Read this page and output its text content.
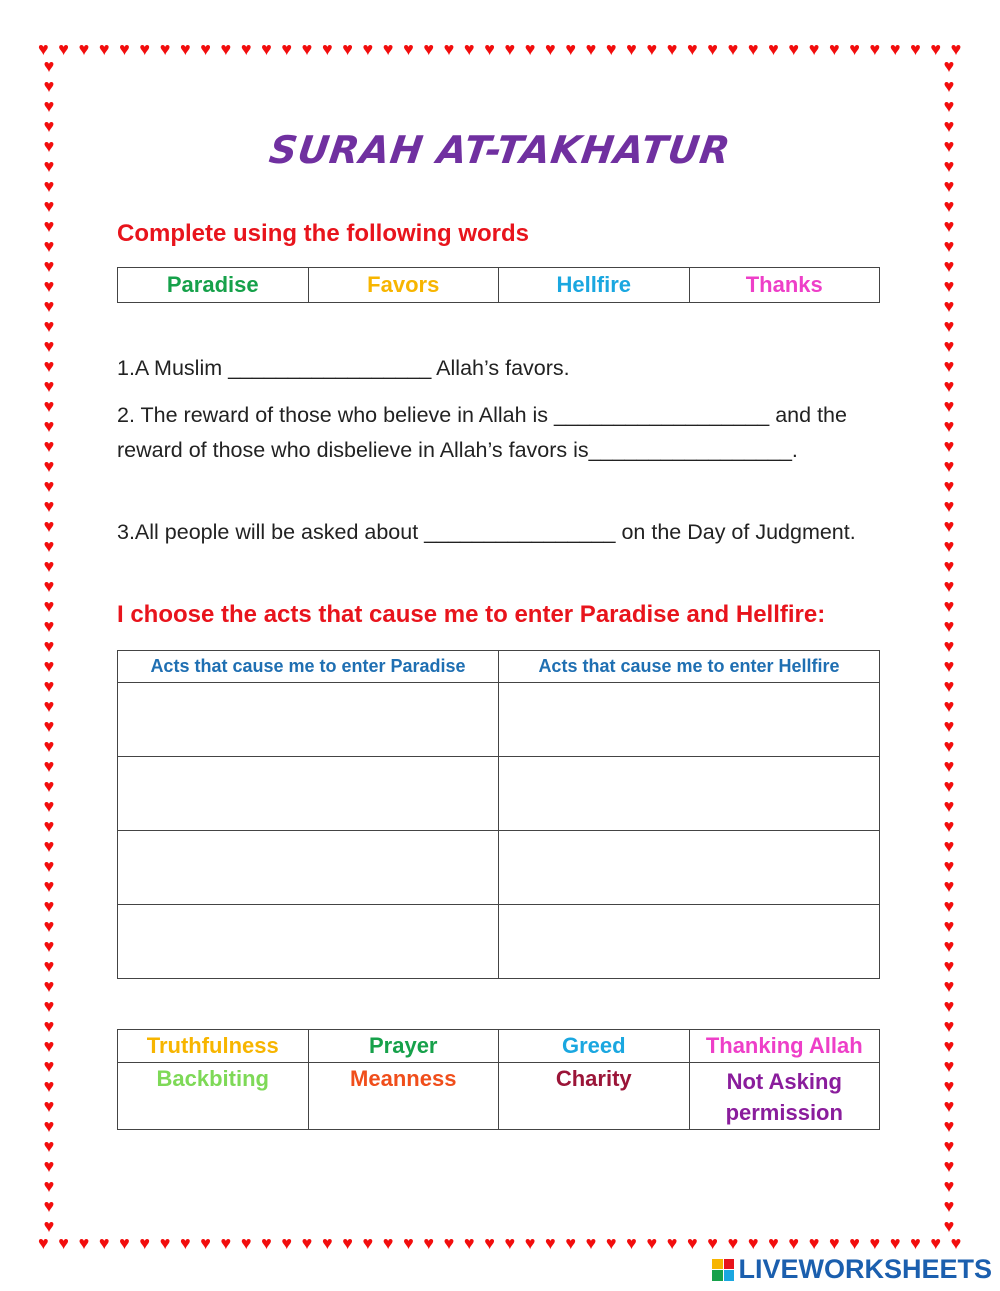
♥ ♥ ♥ ♥ ♥ ♥ ♥ ♥ ♥ ♥ ♥ ♥ ♥ ♥ ♥ ♥ ♥ ♥ ♥ ♥ ♥ ♥ ♥ ♥ ♥ ♥ ♥ ♥ ♥ ♥ ♥ ♥ ♥ ♥ ♥ ♥ ♥ ♥ ♥ ♥ ♥ ♥ ♥ ♥ ♥ ♥
♥ ♥ ♥ ♥ ♥ ♥ ♥ ♥ ♥ ♥ ♥ ♥ ♥ ♥ ♥ ♥ ♥ ♥ ♥ ♥ ♥ ♥ ♥ ♥ ♥ ♥ ♥ ♥ ♥ ♥ ♥ ♥ ♥ ♥ ♥ ♥ ♥ ♥ ♥ ♥ ♥ ♥ ♥ ♥ ♥ ♥
♥
♥
♥
♥
♥
♥
♥
♥
♥
♥
♥
♥
♥
♥
♥
♥
♥
♥
♥
♥
♥
♥
♥
♥
♥
♥
♥
♥
♥
♥
♥
♥
♥
♥
♥
♥
♥
♥
♥
♥
♥
♥
♥
♥
♥
♥
♥
♥
♥
♥
♥
♥
♥
♥
♥
♥
♥
♥
♥
♥
♥
♥
♥
♥
♥
♥
♥
♥
♥
♥
♥
♥
♥
♥
♥
♥
♥
♥
♥
♥
♥
♥
♥
♥
♥
♥
♥
♥
♥
♥
♥
♥
♥
♥
♥
♥
♥
♥
♥
♥
♥
♥
♥
♥
♥
♥
♥
♥
♥
♥
♥
♥
♥
♥
♥
♥
♥
♥
SURAH AT-TAKHATUR
Complete using the following words
Paradise	Favors	Hellfire	Thanks
1.A Muslim _________________ Allah’s favors.
2. The reward of those who believe in Allah is __________________ and the reward of those who disbelieve in Allah’s favors is_________________.
3.All people will be asked about ________________ on the Day of Judgment.
I choose the acts that cause me to enter Paradise and Hellfire:
Acts that cause me to enter Paradise	Acts that cause me to enter Hellfire

Truthfulness	Prayer	Greed	Thanking Allah
Backbiting	Meanness	Charity	Not Asking permission
LIVEWORKSHEETS
